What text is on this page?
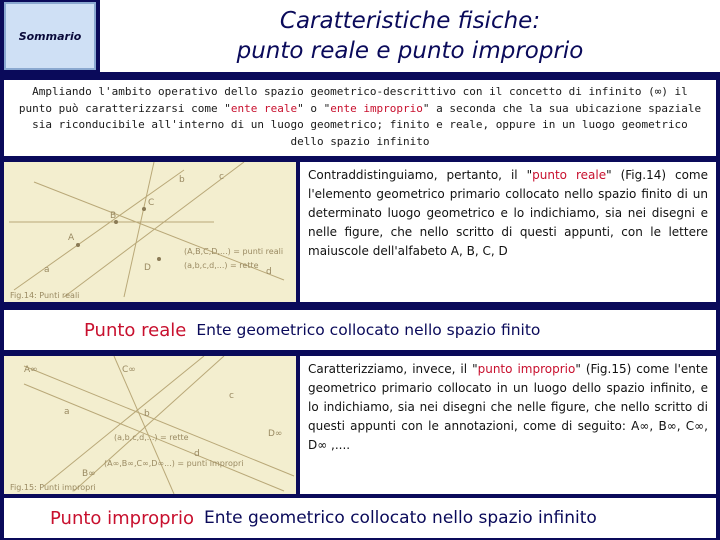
Sommario
Caratteristiche fisiche:
punto reale e punto improprio
Ampliando l'ambito operativo dello spazio geometrico-descrittivo con il concetto di infinito (∞) il punto può caratterizzarsi come "ente reale" o "ente improprio" a seconda che la sua ubicazione spaziale sia riconducibile all'interno di un luogo geometrico; finito e reale, oppure in un luogo geometrico dello spazio infinito
A
B
C
D
a
b	c
d
(A,B,C,D,...) = punti reali
(a,b,c,d,...) = rette
Fig.14: Punti reali
Contraddistinguiamo, pertanto, il "punto reale" (Fig.14) come l'elemento geometrico primario collocato nello spazio finito di un determinato luogo geometrico e lo indichiamo, sia nei disegni e nelle figure, che nello scritto di questi appunti, con le lettere maiuscole dell'alfabeto A, B, C, D
Punto reale Ente geometrico collocato nello spazio finito
A∞	C∞
B∞
D∞
a	b
c
d
(A∞,B∞,C∞,D∞...) = punti impropri
(a,b,c,d,...) = rette
Fig.15: Punti impropri
Caratterizziamo, invece, il "punto improprio" (Fig.15) come l'ente geometrico primario collocato in un luogo dello spazio infinito, e lo indichiamo, sia nei disegni che nelle figure, che nello scritto di questi appunti con le annotazioni, come di seguito: A∞, B∞, C∞, D∞ ,....
Punto improprio Ente geometrico collocato nello spazio infinito
